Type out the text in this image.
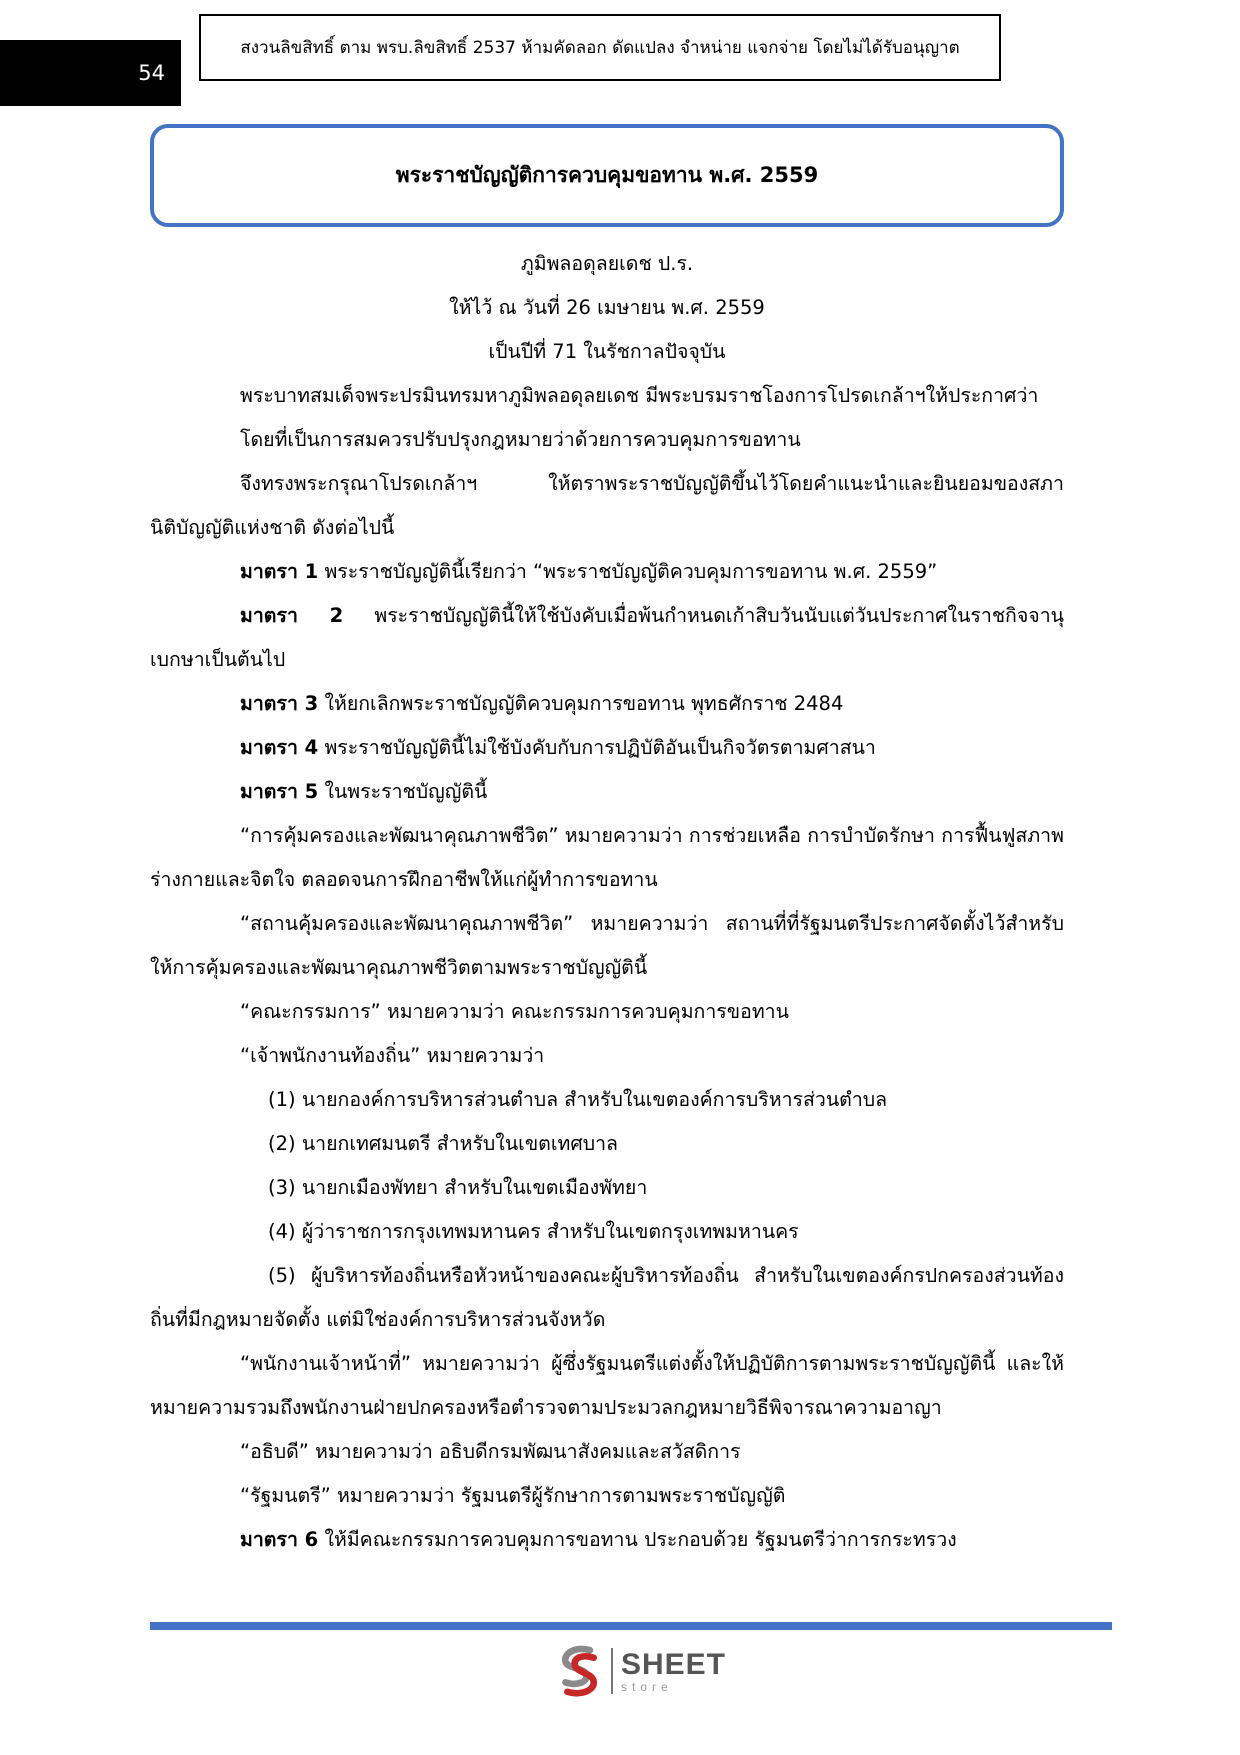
54
สงวนลิขสิทธิ์ ตาม พรบ.ลิขสิทธิ์ 2537 ห้ามคัดลอก ดัดแปลง จำหน่าย แจกจ่าย โดยไม่ได้รับอนุญาต
พระราชบัญญัติการควบคุมขอทาน พ.ศ. 2559

ภูมิพลอดุลยเดช ป.ร.

ให้ไว้ ณ วันที่ 26 เมษายน พ.ศ. 2559

เป็นปีที่ 71 ในรัชกาลปัจจุบัน

พระบาทสมเด็จพระปรมินทรมหาภูมิพลอดุลยเดช มีพระบรมราชโองการโปรดเกล้าฯให้ประกาศว่า

โดยที่เป็นการสมควรปรับปรุงกฎหมายว่าด้วยการควบคุมการขอทาน

จึงทรงพระกรุณาโปรดเกล้าฯ ให้ตราพระราชบัญญัติขึ้นไว้โดยคำแนะนำและยินยอมของสภานิติบัญญัติแห่งชาติ ดังต่อไปนี้

มาตรา 1 พระราชบัญญัตินี้เรียกว่า “พระราชบัญญัติควบคุมการขอทาน พ.ศ. 2559”

มาตรา 2 พระราชบัญญัตินี้ให้ใช้บังคับเมื่อพ้นกำหนดเก้าสิบวันนับแต่วันประกาศในราชกิจจานุเบกษาเป็นต้นไป

มาตรา 3 ให้ยกเลิกพระราชบัญญัติควบคุมการขอทาน พุทธศักราช 2484

มาตรา 4 พระราชบัญญัตินี้ไม่ใช้บังคับกับการปฏิบัติอันเป็นกิจวัตรตามศาสนา

มาตรา 5 ในพระราชบัญญัตินี้

“การคุ้มครองและพัฒนาคุณภาพชีวิต” หมายความว่า การช่วยเหลือ การบำบัดรักษา การฟื้นฟูสภาพร่างกายและจิตใจ ตลอดจนการฝึกอาชีพให้แก่ผู้ทำการขอทาน

“สถานคุ้มครองและพัฒนาคุณภาพชีวิต” หมายความว่า สถานที่ที่รัฐมนตรีประกาศจัดตั้งไว้สำหรับให้การคุ้มครองและพัฒนาคุณภาพชีวิตตามพระราชบัญญัตินี้

“คณะกรรมการ” หมายความว่า คณะกรรมการควบคุมการขอทาน

“เจ้าพนักงานท้องถิ่น” หมายความว่า

(1) นายกองค์การบริหารส่วนตำบล สำหรับในเขตองค์การบริหารส่วนตำบล

(2) นายกเทศมนตรี สำหรับในเขตเทศบาล

(3) นายกเมืองพัทยา สำหรับในเขตเมืองพัทยา

(4) ผู้ว่าราชการกรุงเทพมหานคร สำหรับในเขตกรุงเทพมหานคร

(5) ผู้บริหารท้องถิ่นหรือหัวหน้าของคณะผู้บริหารท้องถิ่น สำหรับในเขตองค์กรปกครองส่วนท้องถิ่นที่มีกฎหมายจัดตั้ง แต่มิใช่องค์การบริหารส่วนจังหวัด

“พนักงานเจ้าหน้าที่” หมายความว่า ผู้ซึ่งรัฐมนตรีแต่งตั้งให้ปฏิบัติการตามพระราชบัญญัตินี้ และให้หมายความรวมถึงพนักงานฝ่ายปกครองหรือตำรวจตามประมวลกฎหมายวิธีพิจารณาความอาญา

“อธิบดี” หมายความว่า อธิบดีกรมพัฒนาสังคมและสวัสดิการ

“รัฐมนตรี” หมายความว่า รัฐมนตรีผู้รักษาการตามพระราชบัญญัติ

มาตรา 6 ให้มีคณะกรรมการควบคุมการขอทาน ประกอบด้วย รัฐมนตรีว่าการกระทรวง

SHEET
store
